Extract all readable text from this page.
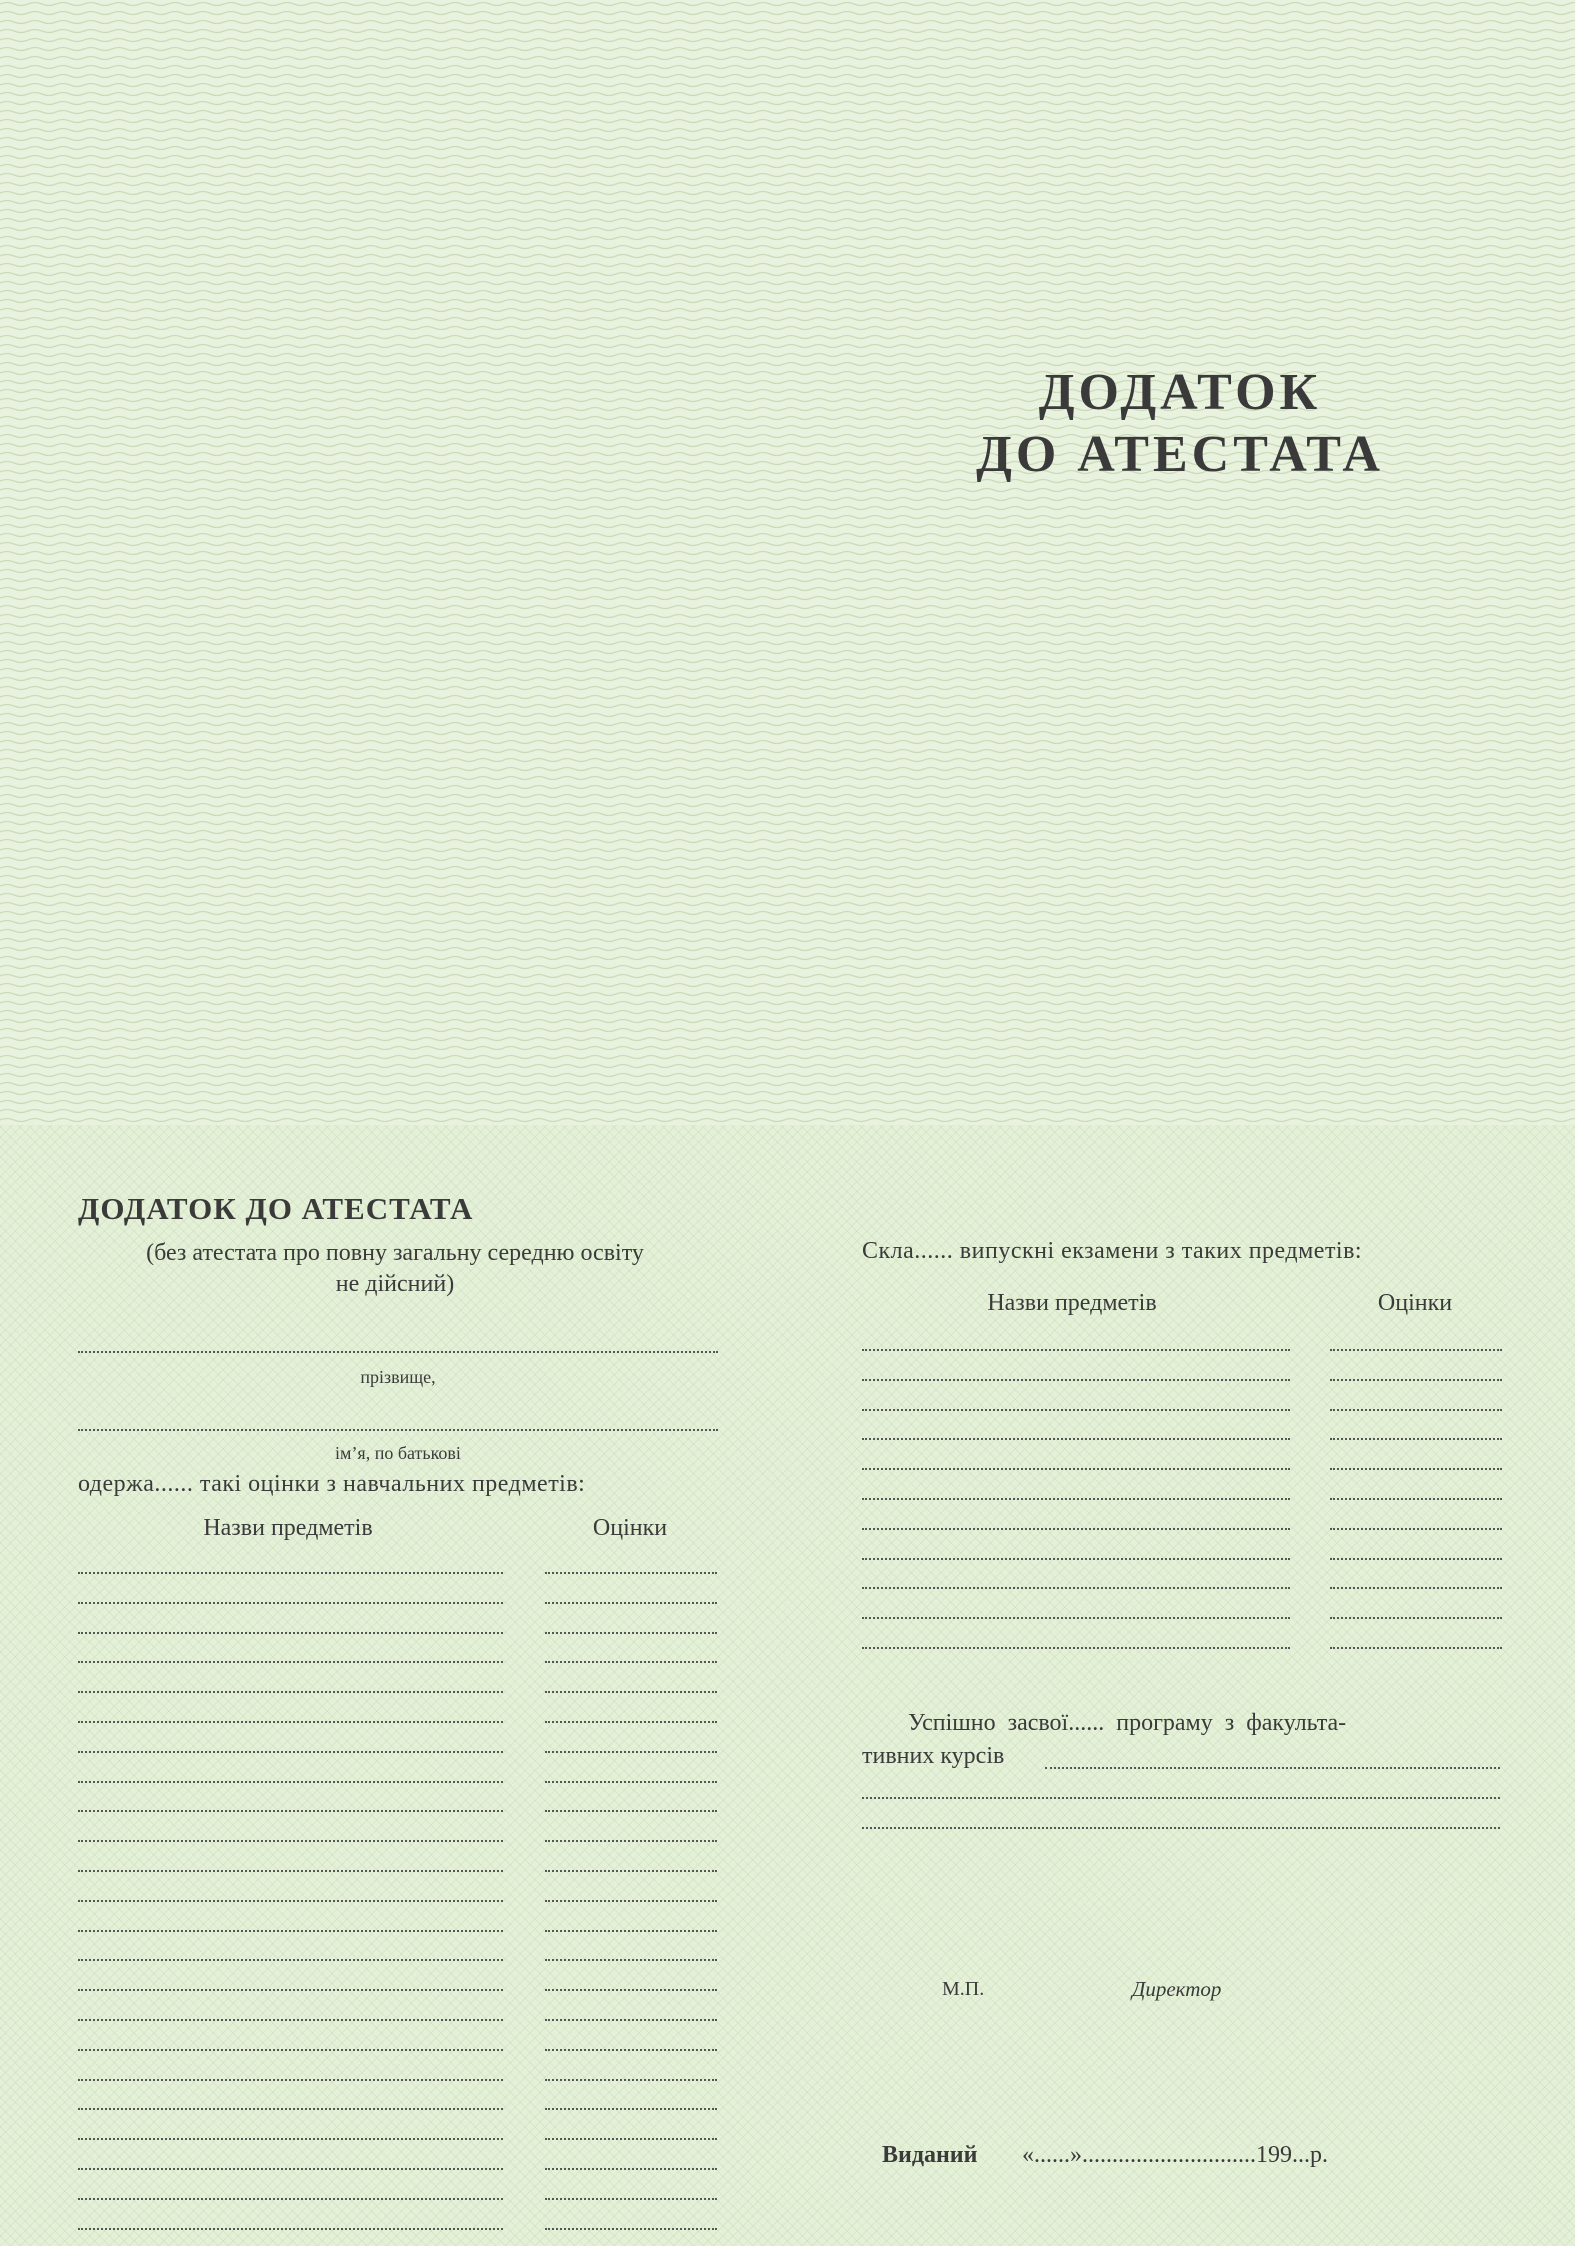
ДОДАТОК
ДО АТЕСТАТА
ДОДАТОК ДО АТЕСТАТА
(без атестата про повну загальну середню освіту
не дійсний)
прізвище,
ім’я, по батькові
одержа...... такі оцінки з навчальних предметів:
Назви предметів	Оцінки
Скла...... випускні екзамени з таких предметів:
Назви предметів	Оцінки
Успішно засвої...... програму з факульта-
тивних курсів
М.П.	Директор
Виданий «......».............................199...р.
